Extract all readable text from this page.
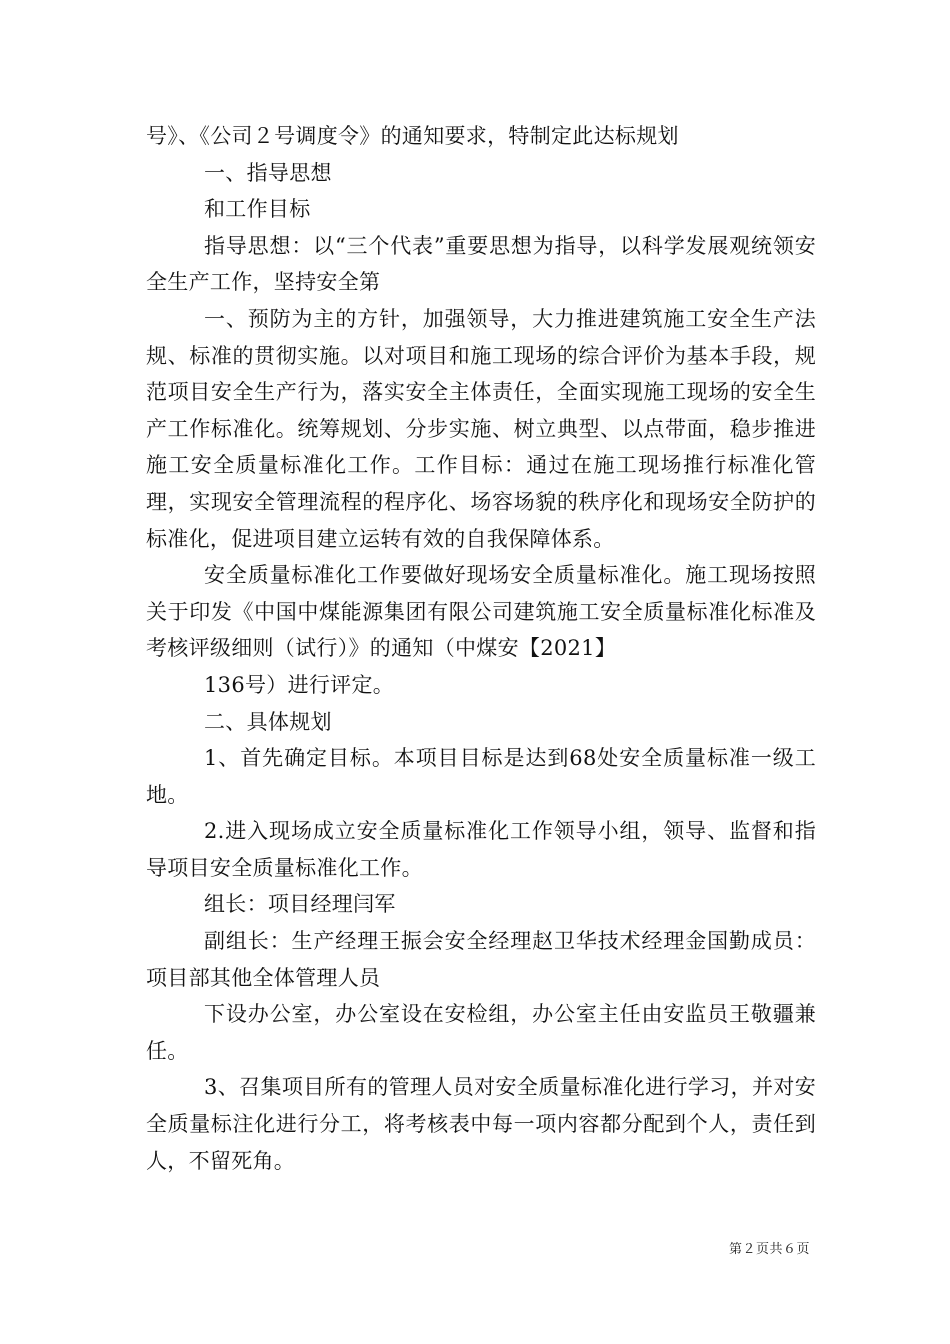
号》、《公司２号调度令》的通知要求，特制定此达标规划

一、指导思想

和工作目标

指导思想：以“三个代表”重要思想为指导，以科学发展观统领安全生产工作，坚持安全第

一、预防为主的方针，加强领导，大力推进建筑施工安全生产法规、标准的贯彻实施。以对项目和施工现场的综合评价为基本手段，规范项目安全生产行为，落实安全主体责任，全面实现施工现场的安全生产工作标准化。统筹规划、分步实施、树立典型、以点带面，稳步推进施工安全质量标准化工作。工作目标：通过在施工现场推行标准化管理，实现安全管理流程的程序化、场容场貌的秩序化和现场安全防护的标准化，促进项目建立运转有效的自我保障体系。

安全质量标准化工作要做好现场安全质量标准化。施工现场按照关于印发《中国中煤能源集团有限公司建筑施工安全质量标准化标准及考核评级细则（试行）》的通知（中煤安【2021】

136号）进行评定。

二、具体规划

1、首先确定目标。本项目目标是达到68处安全质量标准一级工地。

2.进入现场成立安全质量标准化工作领导小组，领导、监督和指导项目安全质量标准化工作。

组长：项目经理闫军

副组长：生产经理王振会安全经理赵卫华技术经理金国勤成员：项目部其他全体管理人员

下设办公室，办公室设在安检组，办公室主任由安监员王敬疆兼任。

3、召集项目所有的管理人员对安全质量标准化进行学习，并对安全质量标注化进行分工，将考核表中每一项内容都分配到个人，责任到人，不留死角。

第２页共６页
